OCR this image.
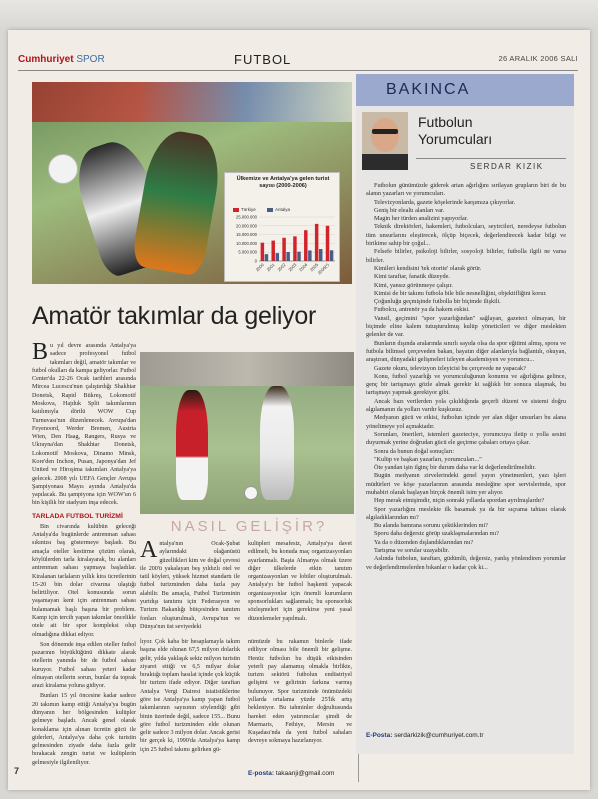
Cumhuriyet SPOR	FUTBOL	26 ARALIK 2006 SALI
Ülkemize ve Antalya'ya gelen turist sayısı (2000-2006)
Türkiye	Antalya
25.000.000
20.000.000
15.000.000
10.000.000
5.000.000
0
2000 2001 2002 2003 2004 2005
2006(*)
Amatör takımlar da geliyor
B u yıl devre arasında Antalya'ya sadece profesyonel futbol takımları değil, amatör takımlar ve futbol okulları da kampa geliyorlar. Futbol Center'da 22-26 Ocak tarihleri arasında Mircea Lucescu'nun çalıştırdığı Shakhtar Donetsk, Rapid Bükreş, Lokomotif Moskova, Hajduk Split takımlarının katılımıyla dörtlü WOW Cup Turnuvası'nın düzenlenecek. Avrupa'dan Feyenoord, Werder Bremen, Austria Wien, Den Haag, Rangers, Rusya ve Ukrayna'dan Shakhtar Donetsk, Lokomotif Moskova, Dinamo Minsk, Kore'den Inchon, Pusan, Japonya'dan Jef United ve Hiroşima takımları Antalya'ya gelecek. 2008 yılı UEFA Gençler Avrupa Şampiyonası Mayıs ayında Antalya'da yapılacak. Bu şampiyona için WOW'un 6 bin kişilik bir stadyum inşa edecek.

TARLADA FUTBOL TURİZMİ

Bin civarında kulübün geleceği Antalya'da bugünlerde antrenman sahası sıkıntısı baş göstermeye başladı. Bu amaçla oteller kestirme çözüm olarak, köylülerden tarla kiralayarak, bu alanları antrenman sahası yapmaya başladılar. Kiralanan tarlaların yıllık kira ücretlerinin 15-20 bin dolar civarına ulaştığı belirtiliyor. Otel konusunda sorun yaşamayan kent için antrenman sahası bulamamak başlı başına bir problem. Kamp için tercih yapan takımlar öncelikle otele ait bir spor kompleksi olup olmadığına dikkat ediyor.

Son dönemde inşa edilen oteller futbol pazarının büyüklüğünü dikkate alarak otellerin yanında bir de futbol sahası kuruyor. Futbol sahası yeteri kadar olmayan otellerin sorun, bunlar da toprak arazi kiralama yoluna gidiyor.

Bunları 15 yıl öncesine kadar sadece 20 takımın kamp ettiği Antalya'ya bugün dünyanın her bölgesinden kulüpler gelmeye başladı. Ancak genel olarak konaklama için alınan ücretin gücü ile giderleri, Antalya'ya daha çok turistin gelmesinden ziyade daha fazla gelir bırakacak zengin turist ve kulüplerin gelmesiyle ilgileniliyor.

NASIL GELİŞİR?
A ntalya'nın Ocak-Şubat aylarındaki olağanüstü güzellikleri kim ve doğal çevresi ile 200'ü yakalayan beş yıldızlı otel ve tatil köyleri, yüksek hizmet standartı ile futbol turizminden daha fazla pay alabilir. Bu amaçla, Futbol Turizminin yurtdışı tanıtımı için Federasyon ve Turizm Bakanlığı bütçesinden tanıtım fonları oluşturulmalı, Avrupa'nın ve Dünya'nın üst seviyedeki

kulüpleri mesafesiz, Antalya'ya davet edilmeli, bu konuda maç organizasyonları ayarlanmalı. Başta Almanya olmak üzere diğer ülkelerde etkin tanıtım organizasyonları ve lobiler oluşturulmalı. Antalya'yı bir futbol başkenti yapacak organizasyonlar için önemli kurumların sponsorlukları sağlanmalı; bu sponsorluk sözleşmeleri için gerekirse yeni yasal düzenlemeler yapılmalı.

lıyor. Çok kaba bir hesaplamayla takım başına elde olunan 67,5 milyon dolarlık gelir, yılda yaklaşık sekiz milyon turistin ziyaret ettiği ve 6,5 milyar dolar bıraktığı toplam hasılat içinde çok küçük bir turizm ifade ediyor. Diğer taraftan Antalya Vergi Dairesi istatistiklerine göre ise Antalya'ya kamp yapan futbol takımlarının sayısının söylendiği gibi binin üzerinde değil, sadece 155... Bunu göre futbol turizminden elde olunan gelir sadece 3 milyon dolar. Ancak gerisi bir gerçek ki, 1990'da Antalya'ya kamp için 25 futbol takımı gelirken gü-

nümüzde bu rakamın binlerle ifade ediliyor olması bile önemli bir gelişme. Henüz futbolun bu düşük etkisinden yeterli pay alamamış olmakla birlikte, turizm sektörü futbolun endüstriyel gelişimi ve gelirinin farkına varmış bulunuyor. Spor turizminde önümüzdeki yıllarda ortalama yüzde 25'lik artış bekleniyor. Bu tahminler doğrultusunda hareket eden yatırımcılar şimdi de Marmaris, Fethiye, Mersin ve Kuşadası'nda da yeni futbol sahaları devreye sokmaya hazırlanıyor.

E-posta: takaanji@gmail.com
BAKINCA
Futbolun
Yorumcuları
SERDAR KIZIK

Futbolun günümüzde giderek artan ağırlığını sırtlayan grupların biri de bu alanın yazarları ve yorumcuları.

Televizyonlarda, gazete köşelerinde karşımıza çıkıyorlar.

Geniş bir elealtı alanları var.

Magin her türden analizini yapıyorlar.

Teknik direktörleri, hakemleri, futbolcuları, seyircileri, neredeyse futbolun tüm unsurlarını eleştirecek, ölçüp biçecek, değerlendirecek kadar bilgi ve birikime sahip bir çoğul...

Felsefe bilirler, psikoloji bilirler, sosyoloji bilirler, futbolla ilgili ne varsa bilirler.

Kimileri kendisini 'tek otorite' olarak görür.

Kimi taraftar, fanatik düzeyde.

Kimi, yansız görünmeye çalışır.

Kimisi de bir takımı futbola bile bile nesnelliğini, objektifliğini korur.

Çoğunluğu geçmişinde futbolla bir biçimde ilişkili.

Futbolcu, antrenör ya da hakem eskisi.

Vansil, geçimini "spor yazarlığından" sağlayan, gazeteci olmayan, bir biçimde eline kalem tutuşturulmuş kulüp yöneticileri ve diğer meslekten gelenler de var.

Bunların dışında aralarında sınırlı sayıda olsa da spor eğitimi almış, spora ve futbola bilimsel çerçeveden bakan, hayatın diğer alanlarıyla bağlantılı, okuyan, araştıran, dünyadaki gelişmeleri izleyen akademisyen ve yorumcu...

Gazete okuru, televizyon izleyicisi bu çerçevede ne yapacak?

Konu, futbol yazarlığı ve yorumculuğunun konumu ve ağırlığına gelince, genç bir tartışmayı gözle almak gerekir ki sağlıklı bir sonuca ulaşmak, bu tartışmayı yapmak gerekiyor gibi.

Ancak bazı verilerden yola çıkıldığında geçerli düzeni ve sistemi doğru algılamanın da yolları vardır kuşkusuz.

Medyanın gücü ve etkisi, futbolun içinde yer alan diğer unsurları bu alana yöneltmeye yol açmaktadır.

Sorunları, önerileri, istemleri gazeteciye, yorumcuya iletip o yolla sesini duyurmak yerine doğrudan gücü ele geçirme çabaları ortaya çıkar.

Sonra da bunun doğal sonuçları:

"Kulüp ve başkan yazarları, yorumcuları..."

Öte yandan işin ilginç bir durum daha var ki değerlendirilmelidir.

Bugün medyanın zirvelerindeki genel yayın yönetmenleri, yazı işleri müdürleri ve köşe yazarlarının arasında mesleğine spor servislerinde, spor muhabiri olarak başlayan birçok önemli isim yer alıyor.

Hep merak etmişimdir, niçin sonraki yıllarda spordan ayrılmışlardır?

Spor yazarlığını meslekte ilk basamak ya da bir sıçrama tahtası olarak algıladıklarından mı?

Bu alanda bamrana sorunu çektiklerinden mi?

Sporu daha değersiz görüp uzaklaşmalarından mı?

Ya da o düzenden dışlandıklarından mı?

Tartışma ve sorular uzayabilir.

Aslında futbolun, taraftarı, güdümlü, değersiz, yanlış yönlendiren yorumlar ve değerlendirmelerden bıkanlar o kadar çok ki...

E-Posta: serdarkizik@cumhuriyet.com.tr
7
